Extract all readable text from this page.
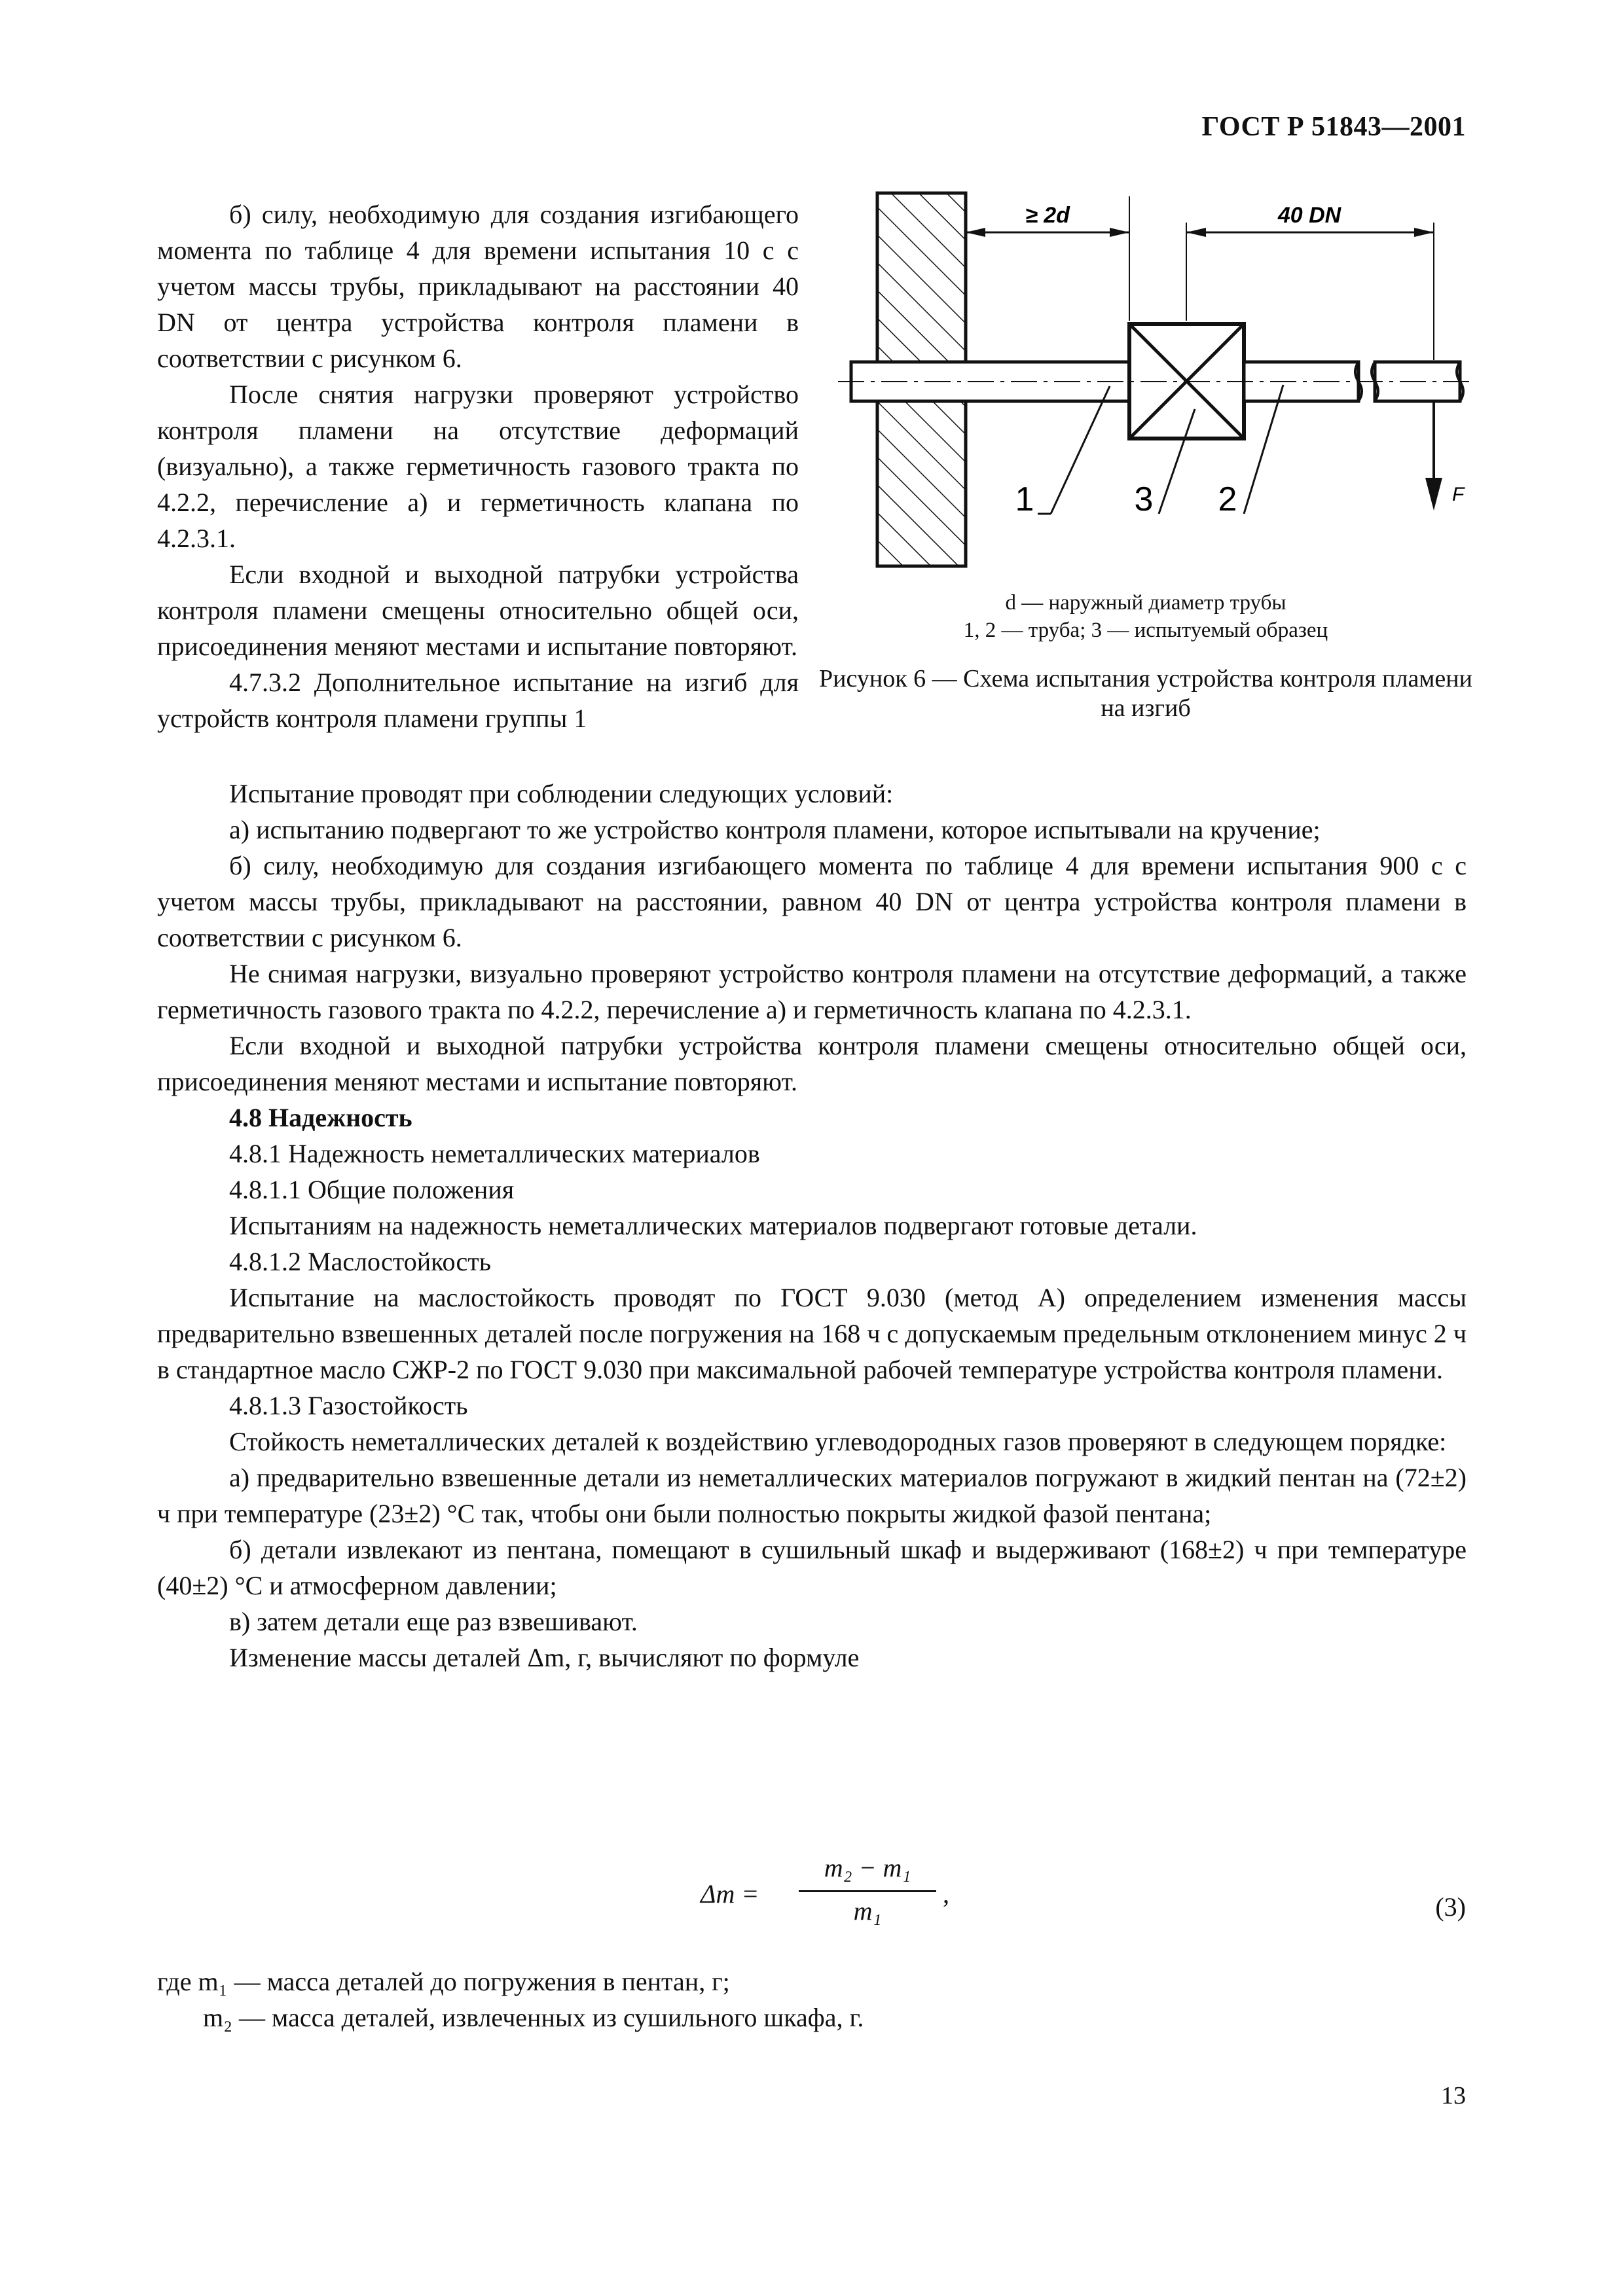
ГОСТ Р 51843—2001

б) силу, необходимую для создания изгибающего момента по таблице 4 для времени испытания 10 с с учетом массы трубы, прикладывают на расстоянии 40 DN от центра устройства контроля пламени в соответствии с рисунком 6.

После снятия нагрузки проверяют устройство контроля пламени на отсутствие деформаций (визуально), а также герметичность газового тракта по 4.2.2, перечисление а) и герметичность клапана по 4.2.3.1.

Если входной и выходной патрубки устройства контроля пламени смещены относительно общей оси, присоединения меняют местами и испытание повторяют.

4.7.3.2 Дополнительное испытание на изгиб для устройств контроля пламени группы 1

≥ 2d	40 DN
F
1	3 2
d — наружный диаметр трубы
1, 2 — труба; 3 — испытуемый образец
Рисунок 6 — Схема испытания устройства контроля пламени на изгиб

Испытание проводят при соблюдении следующих условий:

а) испытанию подвергают то же устройство контроля пламени, которое испытывали на кручение;

б) силу, необходимую для создания изгибающего момента по таблице 4 для времени испытания 900 с с учетом массы трубы, прикладывают на расстоянии, равном 40 DN от центра устройства контроля пламени в соответствии с рисунком 6.

Не снимая нагрузки, визуально проверяют устройство контроля пламени на отсутствие деформаций, а также герметичность газового тракта по 4.2.2, перечисление а) и герметичность клапана по 4.2.3.1.

Если входной и выходной патрубки устройства контроля пламени смещены относительно общей оси, присоединения меняют местами и испытание повторяют.

4.8 Надежность

4.8.1 Надежность неметаллических материалов

4.8.1.1 Общие положения

Испытаниям на надежность неметаллических материалов подвергают готовые детали.

4.8.1.2 Маслостойкость

Испытание на маслостойкость проводят по ГОСТ 9.030 (метод А) определением изменения массы предварительно взвешенных деталей после погружения на 168 ч с допускаемым предельным отклонением минус 2 ч в стандартное масло СЖР-2 по ГОСТ 9.030 при максимальной рабочей температуре устройства контроля пламени.

4.8.1.3 Газостойкость

Стойкость неметаллических деталей к воздействию углеводородных газов проверяют в следующем порядке:

а) предварительно взвешенные детали из неметаллических материалов погружают в жидкий пентан на (72±2) ч при температуре (23±2) °С так, чтобы они были полностью покрыты жидкой фазой пентана;

б) детали извлекают из пентана, помещают в сушильный шкаф и выдерживают (168±2) ч при температуре (40±2) °С и атмосферном давлении;

в) затем детали еще раз взвешивают.

Изменение массы деталей Δm, г, вычисляют по формуле

Δm =
m₂ − m₁
m₁
,	(3)

где m₁ — масса деталей до погружения в пентан, г;

m₂ — масса деталей, извлеченных из сушильного шкафа, г.

13
